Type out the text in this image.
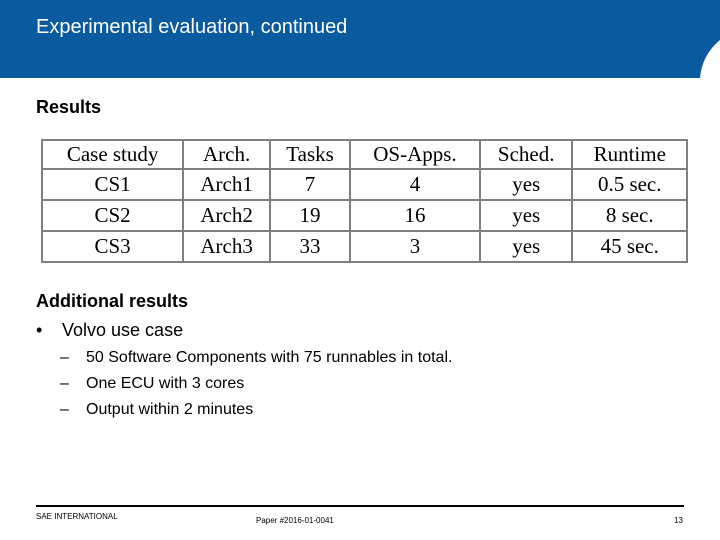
Experimental evaluation, continued
Results
Case study	Arch.	Tasks	OS-Apps.	Sched.	Runtime
CS1	Arch1	7	4	yes	0.5 sec.
CS2	Arch2	19	16	yes	8 sec.
CS3	Arch3	33	3	yes	45 sec.
Additional results
• Volvo use case
– 50 Software Components with 75 runnables in total.
– One ECU with 3 cores
– Output within 2 minutes
SAE INTERNATIONAL	Paper #2016-01-0041	13
